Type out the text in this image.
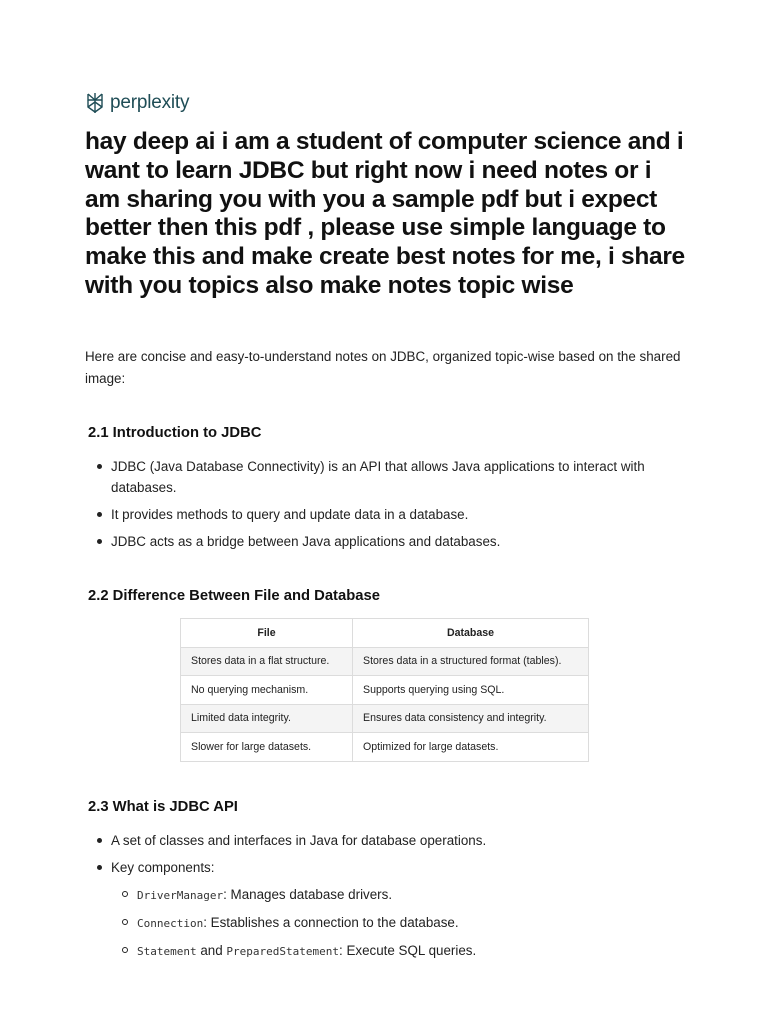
perplexity
hay deep ai i am a student of computer science and i want to learn JDBC but right now i need notes or i am sharing you with you a sample pdf but i expect better then this pdf , please use simple language to make this and make create best notes for me, i share with you topics also make notes topic wise

Here are concise and easy-to-understand notes on JDBC, organized topic-wise based on the shared image:

2.1 Introduction to JDBC
JDBC (Java Database Connectivity) is an API that allows Java applications to interact with databases.
It provides methods to query and update data in a database.
JDBC acts as a bridge between Java applications and databases.
2.2 Difference Between File and Database
File	Database
Stores data in a flat structure.	Stores data in a structured format (tables).
No querying mechanism.	Supports querying using SQL.
Limited data integrity.	Ensures data consistency and integrity.
Slower for large datasets.	Optimized for large datasets.
2.3 What is JDBC API
A set of classes and interfaces in Java for database operations.
Key components:
DriverManager: Manages database drivers.
Connection: Establishes a connection to the database.
Statement and PreparedStatement: Execute SQL queries.
